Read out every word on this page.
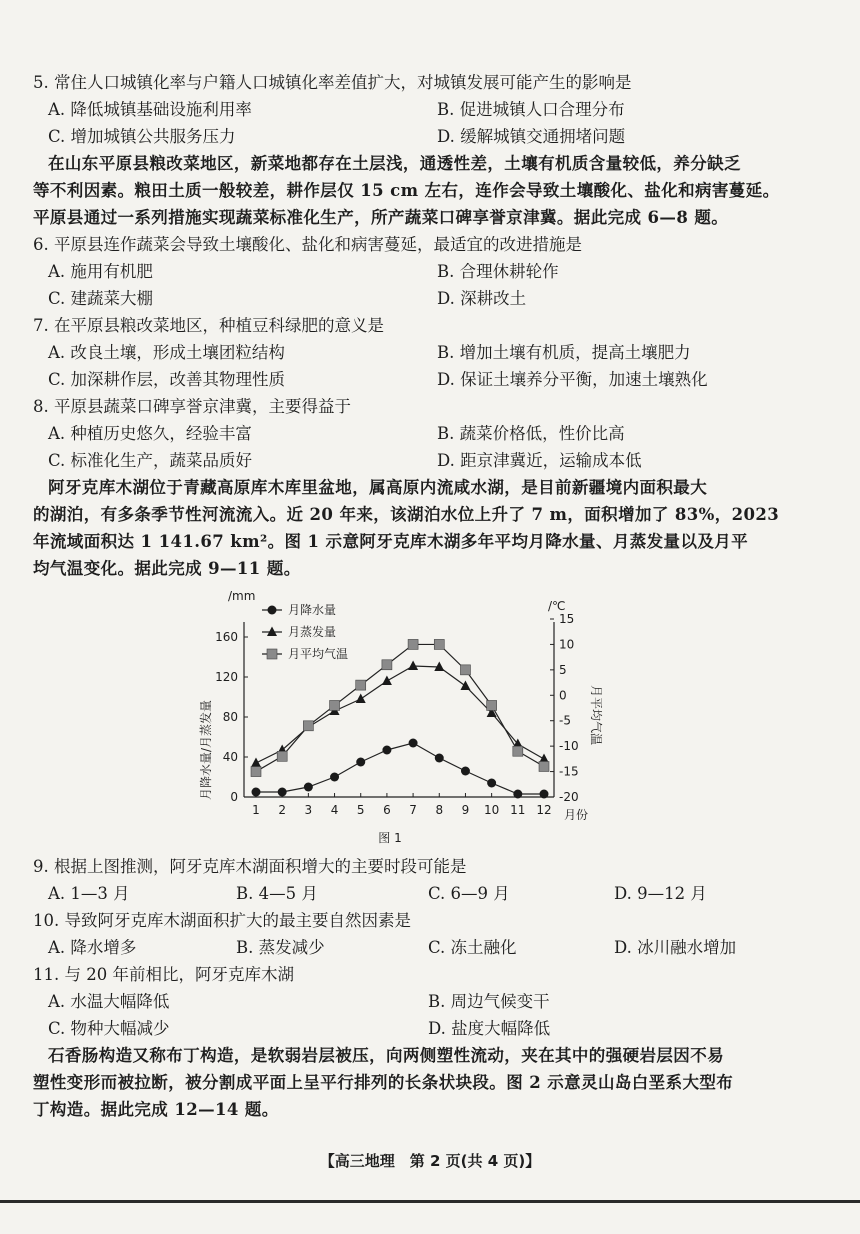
5. 常住人口城镇化率与户籍人口城镇化率差值扩大，对城镇发展可能产生的影响是
A. 降低城镇基础设施利用率	B. 促进城镇人口合理分布
C. 增加城镇公共服务压力	D. 缓解城镇交通拥堵问题
在山东平原县粮改菜地区，新菜地都存在土层浅，通透性差，土壤有机质含量较低，养分缺乏
等不利因素。粮田土质一般较差，耕作层仅 15 cm 左右，连作会导致土壤酸化、盐化和病害蔓延。
平原县通过一系列措施实现蔬菜标准化生产，所产蔬菜口碑享誉京津冀。据此完成 6—8 题。
6. 平原县连作蔬菜会导致土壤酸化、盐化和病害蔓延，最适宜的改进措施是
A. 施用有机肥	B. 合理休耕轮作
C. 建蔬菜大棚	D. 深耕改土
7. 在平原县粮改菜地区，种植豆科绿肥的意义是
A. 改良土壤，形成土壤团粒结构	B. 增加土壤有机质，提高土壤肥力
C. 加深耕作层，改善其物理性质	D. 保证土壤养分平衡，加速土壤熟化
8. 平原县蔬菜口碑享誉京津冀，主要得益于
A. 种植历史悠久，经验丰富	B. 蔬菜价格低，性价比高
C. 标准化生产，蔬菜品质好	D. 距京津冀近，运输成本低
阿牙克库木湖位于青藏高原库木库里盆地，属高原内流咸水湖，是目前新疆境内面积最大
的湖泊，有多条季节性河流流入。近 20 年来，该湖泊水位上升了 7 m，面积增加了 83%，2023
年流域面积达 1 141.67 km²。图 1 示意阿牙克库木湖多年平均月降水量、月蒸发量以及月平
均气温变化。据此完成 9—11 题。
0
40
80
120
160
-20
-15
-10
-5
0
5
10
15
1 2 3 4 5 6 7 8 9 10 11 12
月降水量
月蒸发量
月平均气温
/mm
/℃
月降水量/月蒸发量	月平均气温
月份
图 1
9. 根据上图推测，阿牙克库木湖面积增大的主要时段可能是
A. 1—3 月	B. 4—5 月	C. 6—9 月	D. 9—12 月
10. 导致阿牙克库木湖面积扩大的最主要自然因素是
A. 降水增多	B. 蒸发减少	C. 冻土融化	D. 冰川融水增加
11. 与 20 年前相比，阿牙克库木湖
A. 水温大幅降低	B. 周边气候变干
C. 物种大幅减少	D. 盐度大幅降低
石香肠构造又称布丁构造，是软弱岩层被压，向两侧塑性流动，夹在其中的强硬岩层因不易
塑性变形而被拉断，被分割成平面上呈平行排列的长条状块段。图 2 示意灵山岛白垩系大型布
丁构造。据此完成 12—14 题。
【高三地理　第 2 页(共 4 页)】
